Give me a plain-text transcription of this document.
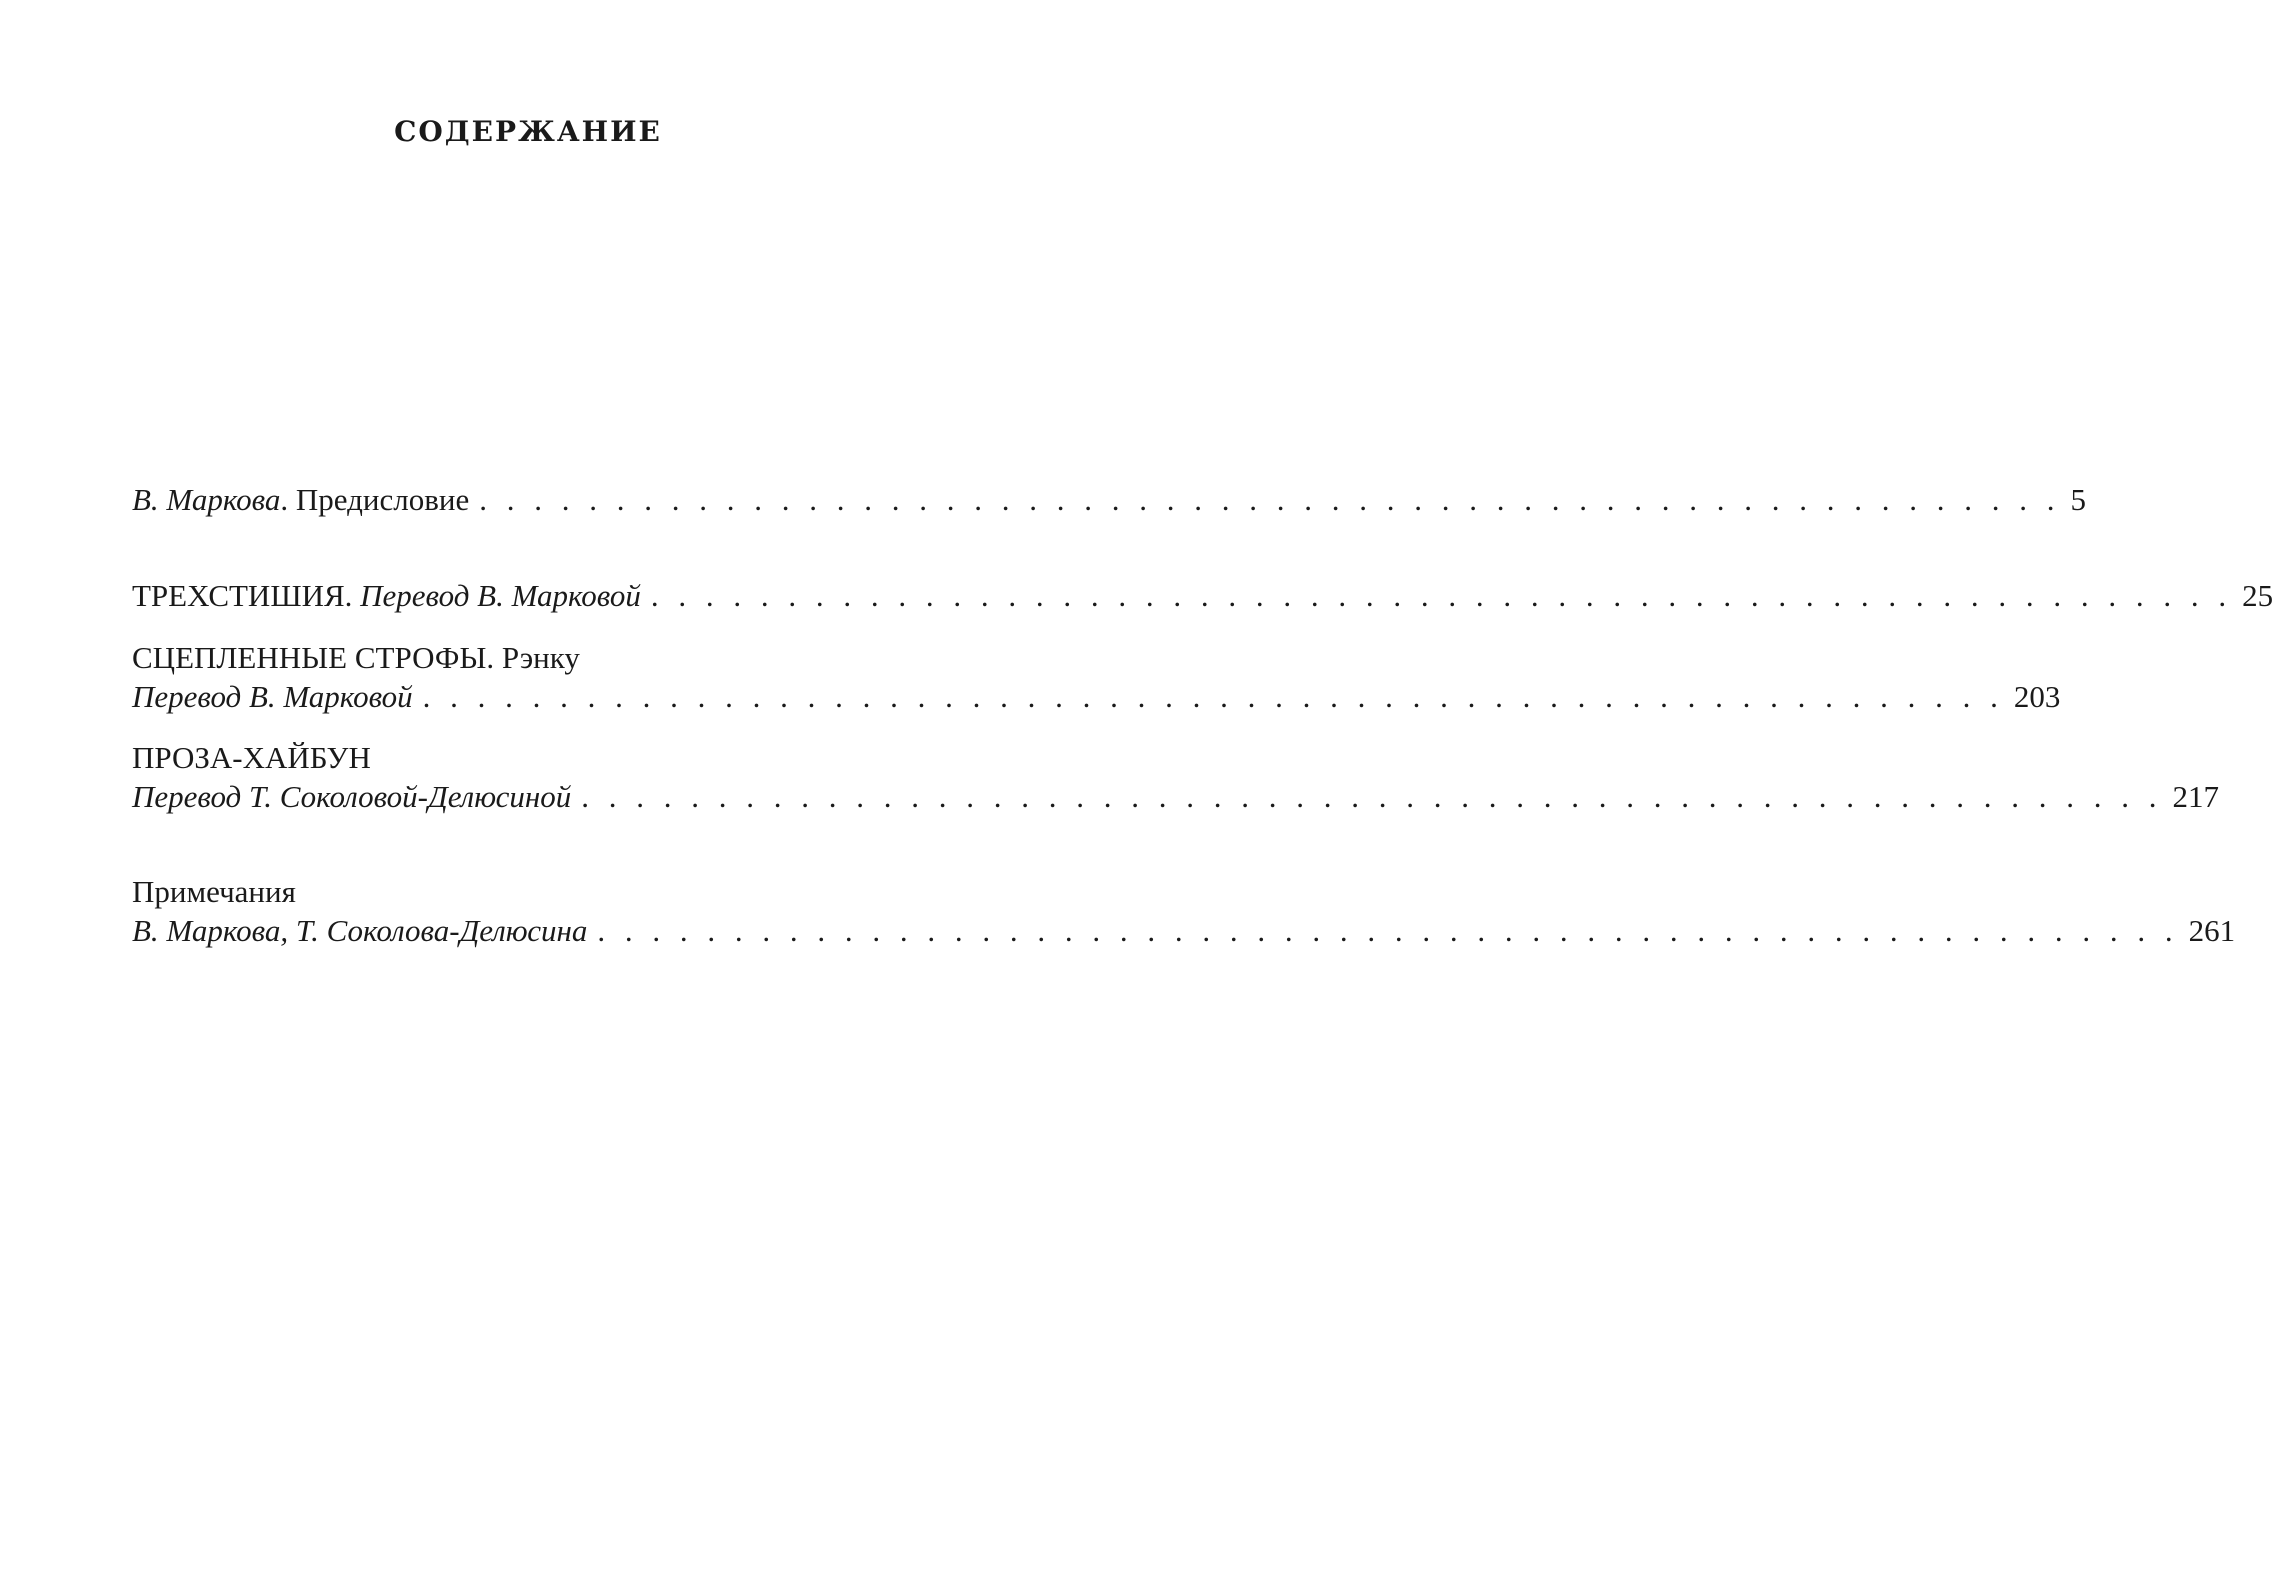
СОДЕРЖАНИЕ
В. Маркова. Предисловие . . . . . . . . . . . . . . . . . . . . . . . . . . . . . . . . . . . . . . . . . . . . . . . . . . . . . . . . . . 5
ТРЕХСТИШИЯ. Перевод В. Марковой . . . . . . . . . . . . . . . . . . . . . . . . . . . . . . . . . . . . . . . . . . . . . . . . . . . . . . . . . . 25
СЦЕПЛЕННЫЕ СТРОФЫ. Рэнку
Перевод В. Марковой . . . . . . . . . . . . . . . . . . . . . . . . . . . . . . . . . . . . . . . . . . . . . . . . . . . . . . . . . . 203
ПРОЗА-ХАЙБУН
Перевод Т. Соколовой-Делюсиной . . . . . . . . . . . . . . . . . . . . . . . . . . . . . . . . . . . . . . . . . . . . . . . . . . . . . . . . . . 217
Примечания
В. Маркова, Т. Соколова-Делюсина . . . . . . . . . . . . . . . . . . . . . . . . . . . . . . . . . . . . . . . . . . . . . . . . . . . . . . . . . . 261
